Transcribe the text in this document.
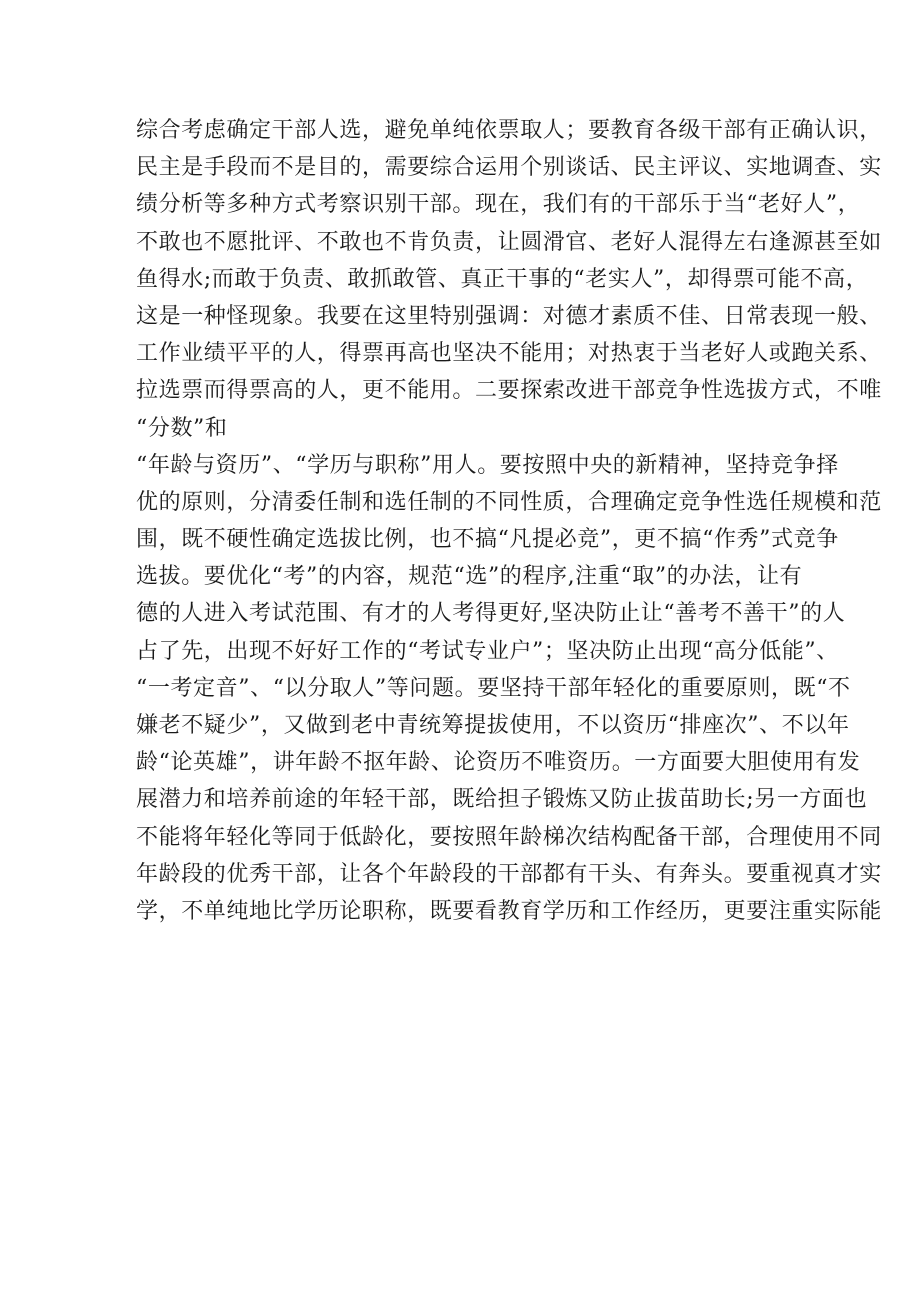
综合考虑确定干部人选，避免单纯依票取人；要教育各级干部有正确认识，
民主是手段而不是目的，需要综合运用个别谈话、民主评议、实地调查、实
绩分析等多种方式考察识别干部。现在，我们有的干部乐于当“老好人”，
不敢也不愿批评、不敢也不肯负责，让圆滑官、老好人混得左右逢源甚至如
鱼得水;而敢于负责、敢抓敢管、真正干事的“老实人”，却得票可能不高，
这是一种怪现象。我要在这里特别强调：对德才素质不佳、日常表现一般、
工作业绩平平的人，得票再高也坚决不能用；对热衷于当老好人或跑关系、
拉选票而得票高的人，更不能用。二要探索改进干部竞争性选拔方式，不唯
“分数”和
“年龄与资历”、“学历与职称”用人。要按照中央的新精神，坚持竞争择
优的原则，分清委任制和选任制的不同性质，合理确定竞争性选任规模和范
围，既不硬性确定选拔比例，也不搞“凡提必竞”，更不搞“作秀”式竞争
选拔。要优化“考”的内容，规范“选”的程序,注重“取”的办法，让有
德的人进入考试范围、有才的人考得更好,坚决防止让“善考不善干”的人
占了先，出现不好好工作的“考试专业户”；坚决防止出现“高分低能”、
“一考定音”、“以分取人”等问题。要坚持干部年轻化的重要原则，既“不
嫌老不疑少”，又做到老中青统筹提拔使用，不以资历“排座次”、不以年
龄“论英雄”，讲年龄不抠年龄、论资历不唯资历。一方面要大胆使用有发
展潜力和培养前途的年轻干部，既给担子锻炼又防止拔苗助长;另一方面也
不能将年轻化等同于低龄化，要按照年龄梯次结构配备干部，合理使用不同
年龄段的优秀干部，让各个年龄段的干部都有干头、有奔头。要重视真才实
学，不单纯地比学历论职称，既要看教育学历和工作经历，更要注重实际能
